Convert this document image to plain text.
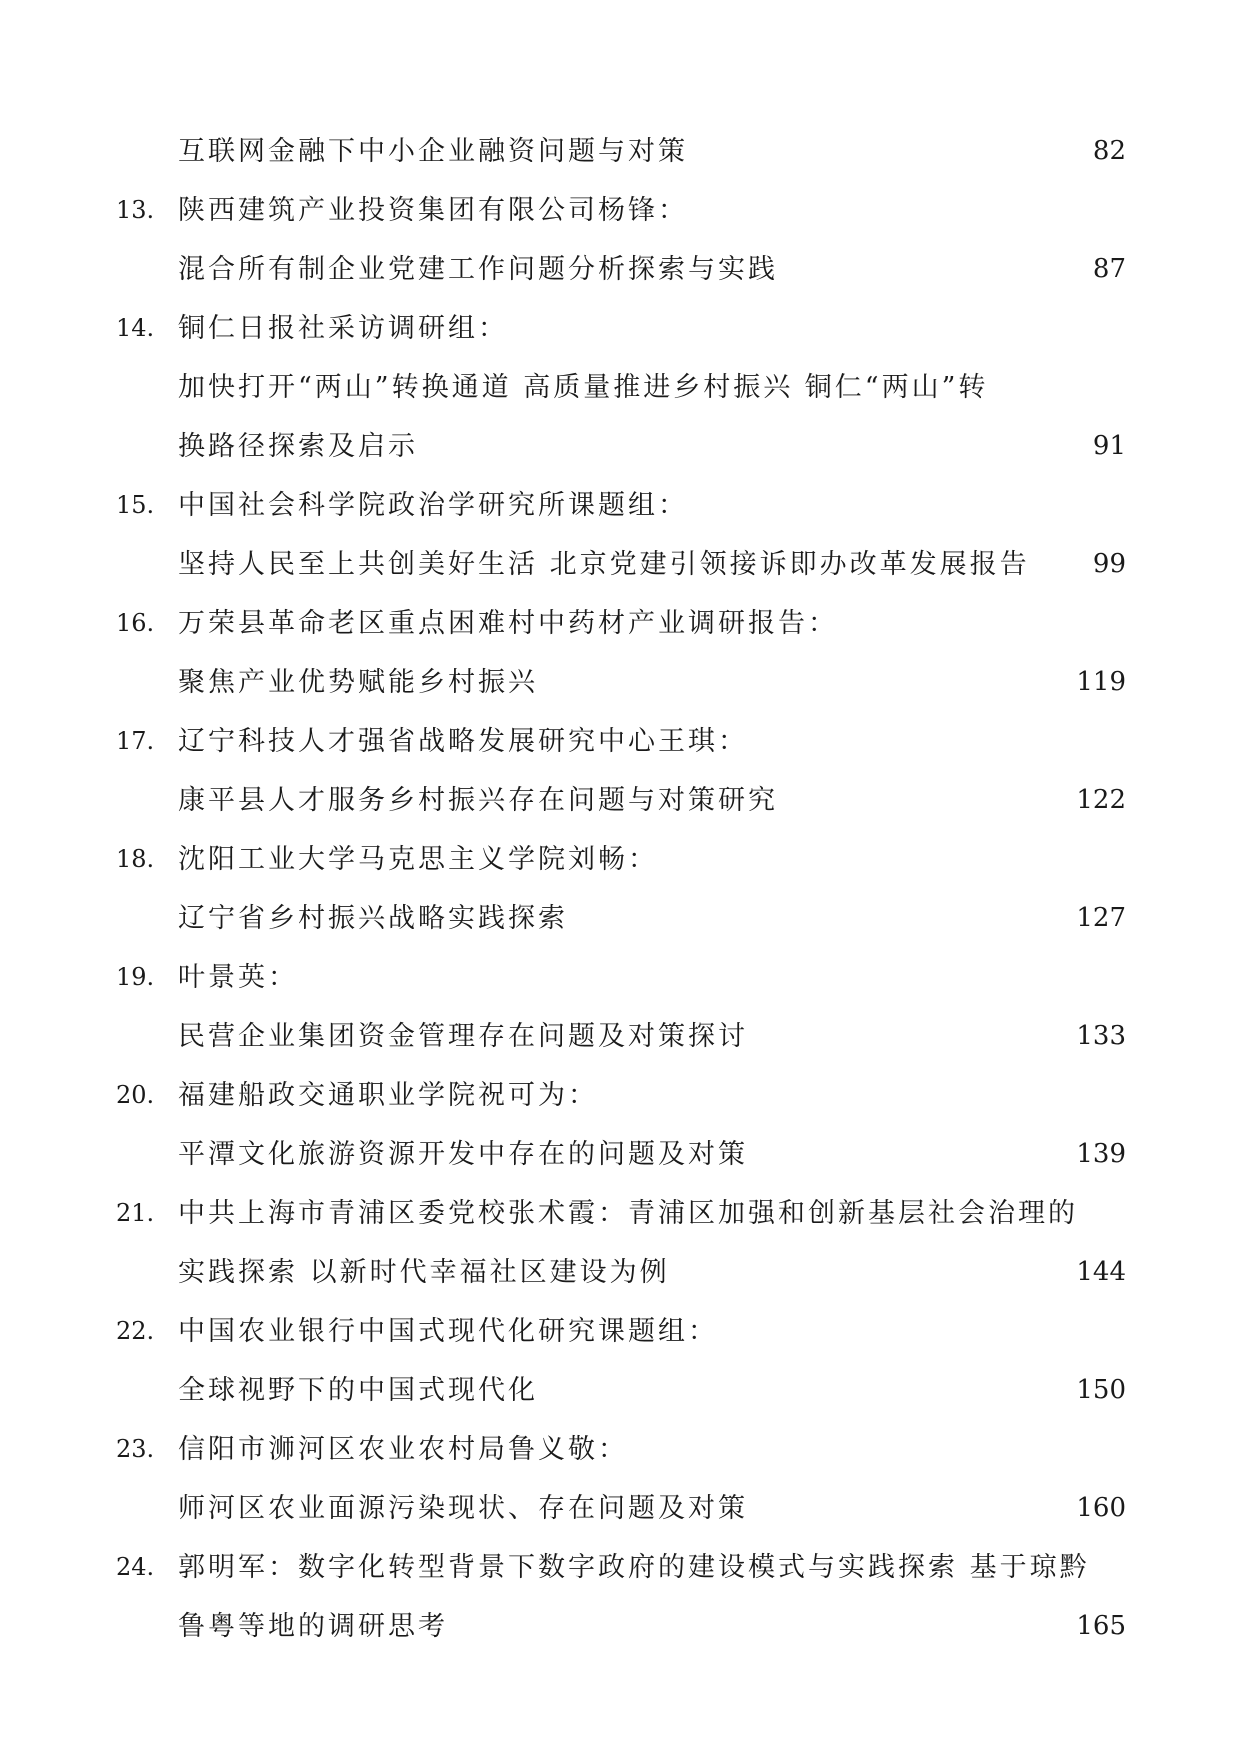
互联网金融下中小企业融资问题与对策	82
13. 陕西建筑产业投资集团有限公司杨锋：
混合所有制企业党建工作问题分析探索与实践	87
14. 铜仁日报社采访调研组：
加快打开“两山”转换通道 高质量推进乡村振兴 铜仁“两山”转
换路径探索及启示	91
15. 中国社会科学院政治学研究所课题组：
坚持人民至上共创美好生活 北京党建引领接诉即办改革发展报告 99
16. 万荣县革命老区重点困难村中药材产业调研报告：
聚焦产业优势赋能乡村振兴	119
17. 辽宁科技人才强省战略发展研究中心王琪：
康平县人才服务乡村振兴存在问题与对策研究	122
18. 沈阳工业大学马克思主义学院刘畅：
辽宁省乡村振兴战略实践探索	127
19. 叶景英：
民营企业集团资金管理存在问题及对策探讨	133
20. 福建船政交通职业学院祝可为：
平潭文化旅游资源开发中存在的问题及对策	139
21. 中共上海市青浦区委党校张术霞：青浦区加强和创新基层社会治理的
实践探索 以新时代幸福社区建设为例	144
22. 中国农业银行中国式现代化研究课题组：
全球视野下的中国式现代化	150
23. 信阳市浉河区农业农村局鲁义敬：
师河区农业面源污染现状、存在问题及对策	160
24. 郭明军：数字化转型背景下数字政府的建设模式与实践探索 基于琼黔
鲁粤等地的调研思考	165
